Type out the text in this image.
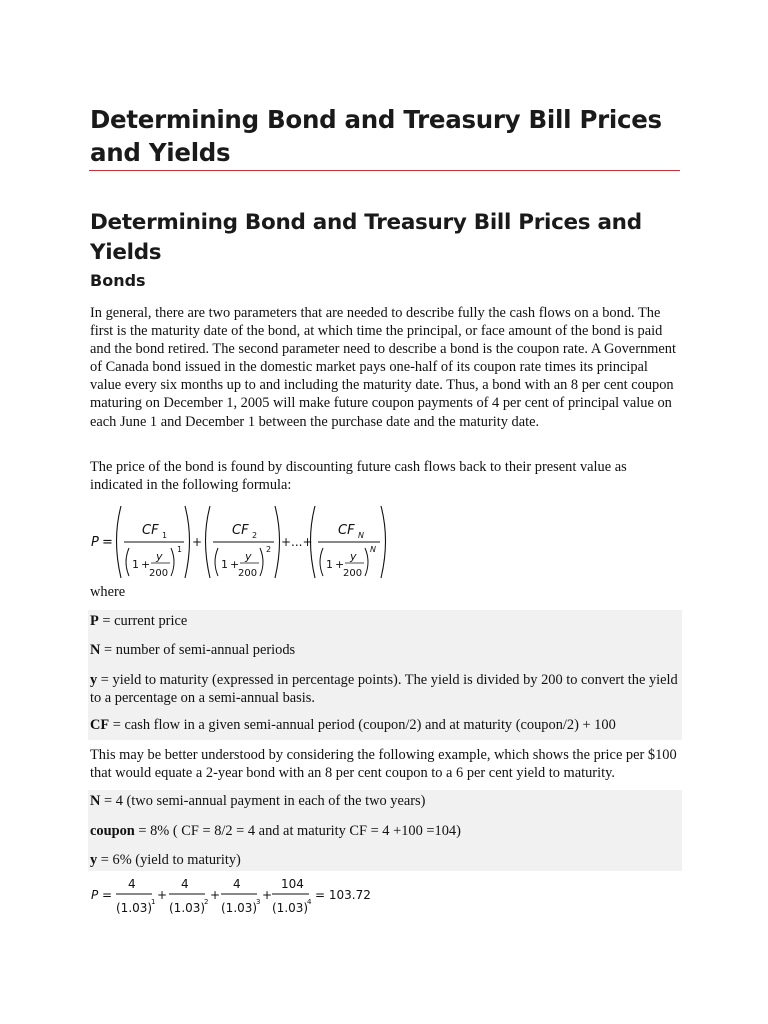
Determining Bond and Treasury Bill Prices and Yields
Determining Bond and Treasury Bill Prices and Yields
Bonds
In general, there are two parameters that are needed to describe fully the cash flows on a bond. The first is the maturity date of the bond, at which time the principal, or face amount of the bond is paid and the bond retired. The second parameter need to describe a bond is the coupon rate. A Government of Canada bond issued in the domestic market pays one-half of its coupon rate times its principal value every six months up to and including the maturity date. Thus, a bond with an 8 per cent coupon maturing on December 1, 2005 will make future coupon payments of 4 per cent of principal value on each June 1 and December 1 between the purchase date and the maturity date.
The price of the bond is found by discounting future cash flows back to their present value as indicated in the following formula:
P =
CF 1
1 +
y
200
1
+
CF 2
1 +
y
200
2
+...+
CF N
1 +
y
200
N
where
P = current price
N = number of semi-annual periods
y = yield to maturity (expressed in percentage points). The yield is divided by 200 to convert the yield to a percentage on a semi-annual basis.
CF = cash flow in a given semi-annual period (coupon/2) and at maturity (coupon/2) + 100
This may be better understood by considering the following example, which shows the price per $100 that would equate a 2-year bond with an 8 per cent coupon to a 6 per cent yield to maturity.
N = 4 (two semi-annual payment in each of the two years)
coupon = 8% ( CF = 8/2 = 4 and at maturity CF = 4 +100 =104)
y = 6% (yield to maturity)
P =
4
(1.03)
1 +
4
(1.03)
2 +
4
(1.03)
3 +
104
(1.03)
4 = 103.72
